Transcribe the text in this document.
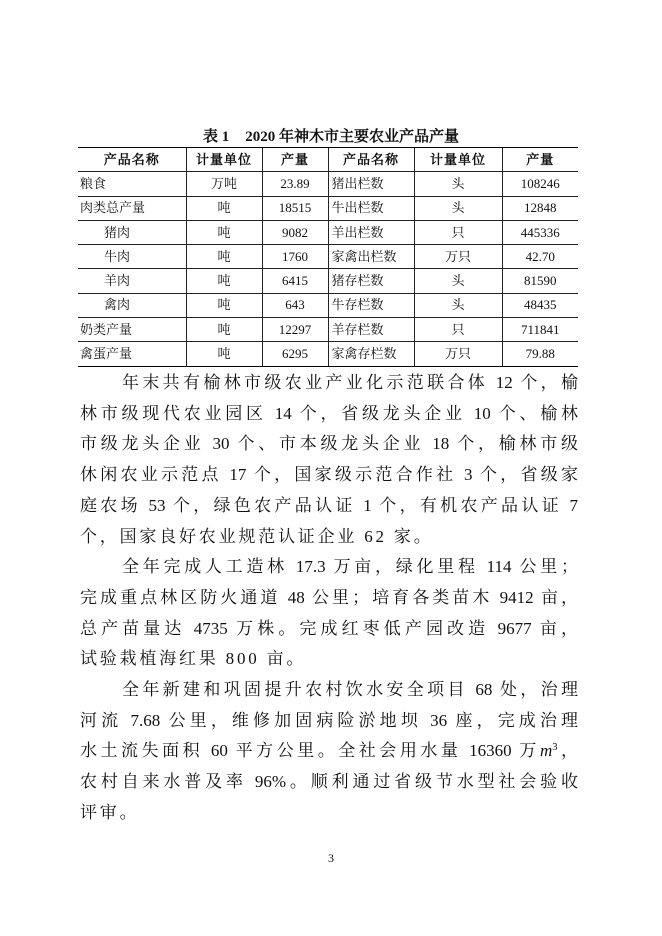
表 1 2020 年神木市主要农业产品产量
产品名称	计量单位	产量	产品名称	计量单位	产量
粮食	万吨	23.89	猪出栏数	头	108246
肉类总产量	吨	18515	牛出栏数	头	12848
猪肉	吨	9082	羊出栏数	只	445336
牛肉	吨	1760	家禽出栏数	万只	42.70
羊肉	吨	6415	猪存栏数	头	81590
禽肉	吨	643	牛存栏数	头	48435
奶类产量	吨	12297	羊存栏数	只	711841
禽蛋产量	吨	6295	家禽存栏数	万只	79.88
年末共有榆林市级农业产业化示范联合体 12 个，榆
林市级现代农业园区 14 个，省级龙头企业 10 个、榆林
市级龙头企业 30 个、市本级龙头企业 18 个，榆林市级
休闲农业示范点 17 个，国家级示范合作社 3 个，省级家
庭农场 53 个，绿色农产品认证 1 个，有机农产品认证 7
个，国家良好农业规范认证企业 62 家。
全年完成人工造林 17.3 万亩，绿化里程 114 公里；
完成重点林区防火通道 48 公里；培育各类苗木 9412 亩，
总产苗量达 4735 万株。完成红枣低产园改造 9677 亩，
试验栽植海红果 800 亩。
全年新建和巩固提升农村饮水安全项目 68 处，治理
河流 7.68 公里，维修加固病险淤地坝 36 座，完成治理
水土流失面积 60 平方公里。全社会用水量 16360 万$m^3$，
农村自来水普及率 96%。顺利通过省级节水型社会验收
评审。
3
